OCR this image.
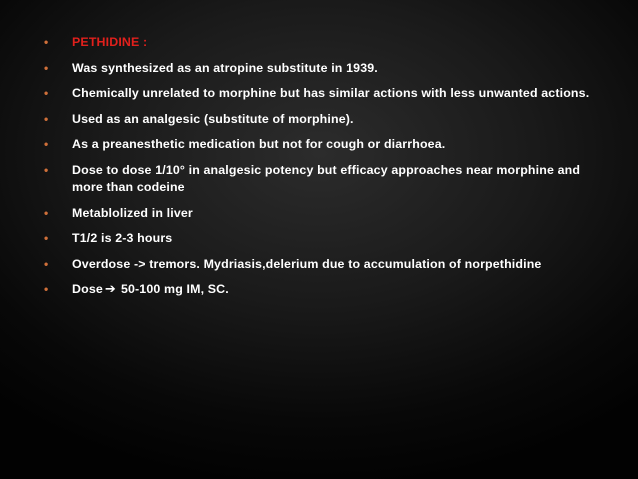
• PETHIDINE :
• Was synthesized as an atropine substitute in 1939.
• Chemically unrelated to morphine but has similar actions with less unwanted actions.
• Used as an analgesic (substitute of morphine).
• As a preanesthetic medication but not for cough or diarrhoea.
• Dose to dose 1/10° in analgesic potency but efficacy approaches near morphine and more than codeine
• Metablolized in liver
• T1/2 is 2-3 hours
• Overdose -> tremors. Mydriasis,delerium due to accumulation of norpethidine
• Dose ➔ 50-100 mg IM, SC.
